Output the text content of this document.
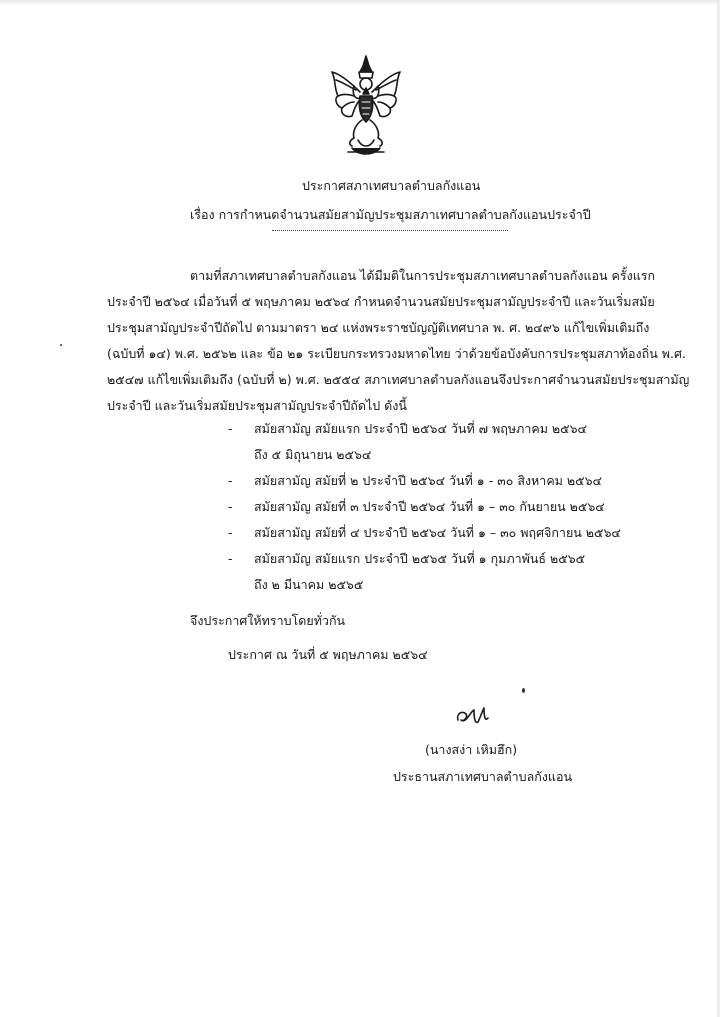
ประกาศสภาเทศบาลตำบลกังแอน
เรื่อง การกำหนดจำนวนสมัยสามัญประชุมสภาเทศบาลตำบลกังแอนประจำปี
ตามที่สภาเทศบาลตำบลกังแอน ได้มีมติในการประชุมสภาเทศบาลตำบลกังแอน ครั้งแรก
ประจำปี ๒๕๖๔ เมื่อวันที่ ๕ พฤษภาคม ๒๕๖๔ กำหนดจำนวนสมัยประชุมสามัญประจำปี และวันเริ่มสมัย
ประชุมสามัญประจำปีถัดไป ตามมาตรา ๒๔ แห่งพระราชบัญญัติเทศบาล พ. ศ. ๒๔๙๖ แก้ไขเพิ่มเติมถึง
(ฉบับที่ ๑๔) พ.ศ. ๒๕๖๒ และ ข้อ ๒๑ ระเบียบกระทรวงมหาดไทย ว่าด้วยข้อบังคับการประชุมสภาท้องถิ่น พ.ศ.
๒๕๔๗ แก้ไขเพิ่มเติมถึง (ฉบับที่ ๒) พ.ศ. ๒๕๕๔ สภาเทศบาลตำบลกังแอนจึงประกาศจำนวนสมัยประชุมสามัญ
ประจำปี และวันเริ่มสมัยประชุมสามัญประจำปีถัดไป ดังนี้
- สมัยสามัญ สมัยแรก ประจำปี ๒๕๖๔ วันที่ ๗ พฤษภาคม ๒๕๖๔
ถึง ๕ มิถุนายน ๒๕๖๔
- สมัยสามัญ สมัยที่ ๒ ประจำปี ๒๕๖๔ วันที่ ๑ - ๓๐ สิงหาคม ๒๕๖๔
- สมัยสามัญ สมัยที่ ๓ ประจำปี ๒๕๖๔ วันที่ ๑ – ๓๐ กันยายน ๒๕๖๔
- สมัยสามัญ สมัยที่ ๔ ประจำปี ๒๕๖๔ วันที่ ๑ – ๓๐ พฤศจิกายน ๒๕๖๔
- สมัยสามัญ สมัยแรก ประจำปี ๒๕๖๕ วันที่ ๑ กุมภาพันธ์ ๒๕๖๕
ถึง ๒ มีนาคม ๒๕๖๕
จึงประกาศให้ทราบโดยทั่วกัน
ประกาศ ณ วันที่ ๕ พฤษภาคม ๒๕๖๔
(นางสง่า เหิมฮึก)
ประธานสภาเทศบาลตำบลกังแอน
